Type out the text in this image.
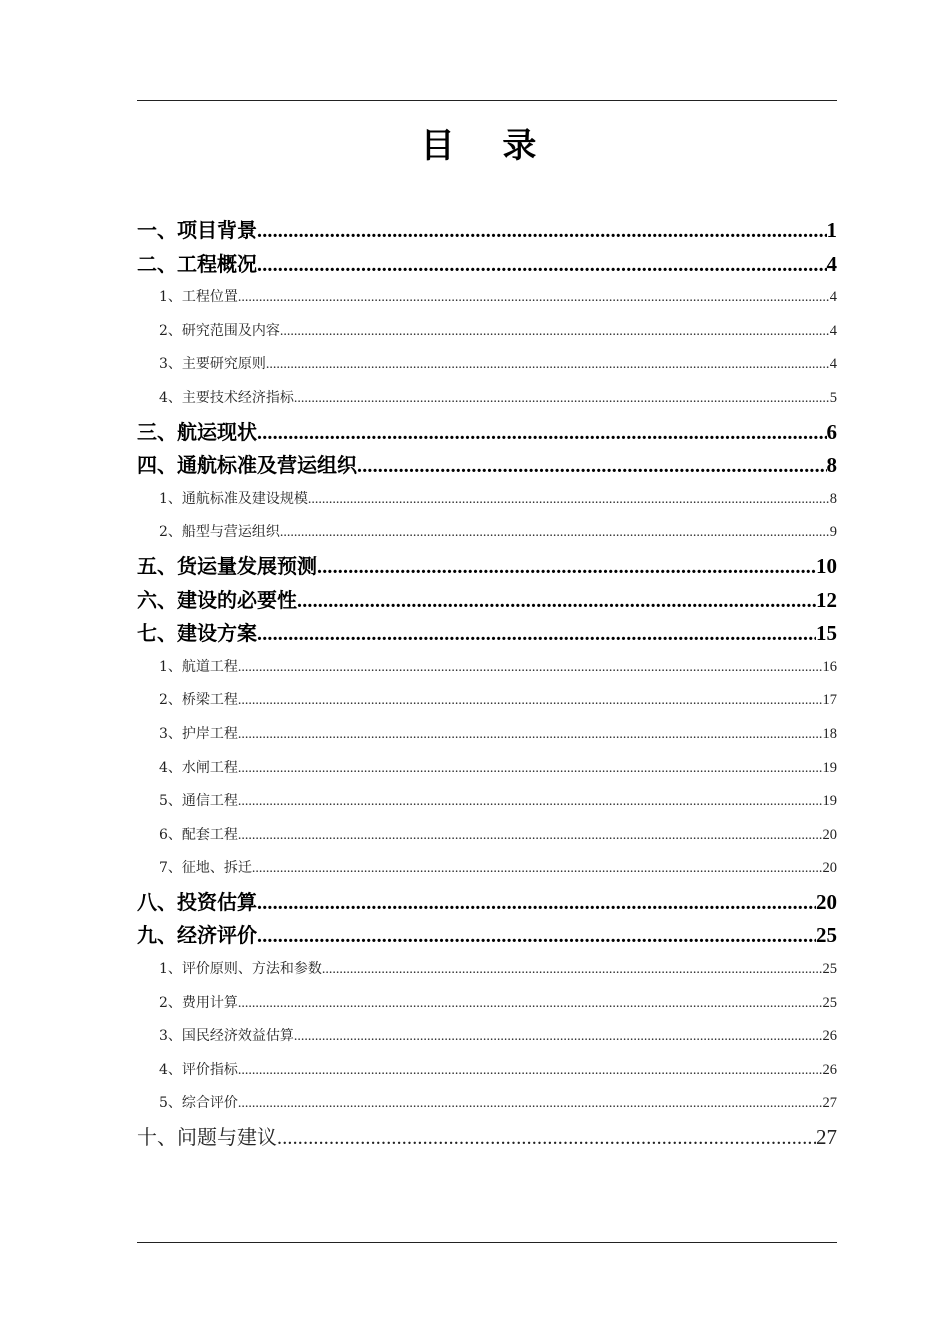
目 录
一、项目背景 .....	1
二、工程概况 .....	4
1、工程位置 .....	4
2、研究范围及内容 .....	4
3、主要研究原则 .....	4
4、主要技术经济指标 .....	5
三、航运现状 .....	6
四、通航标准及营运组织 .....	8
1、通航标准及建设规模 .....	8
2、船型与营运组织 .....	9
五、货运量发展预测 .....	10
六、建设的必要性 .....	12
七、建设方案 .....	15
1、航道工程 .....	16
2、桥梁工程 .....	17
3、护岸工程 .....	18
4、水闸工程 .....	19
5、通信工程 .....	19
6、配套工程 .....	20
7、征地、拆迁 .....	20
八、投资估算 .....	20
九、经济评价 .....	25
1、评价原则、方法和参数 .....	25
2、费用计算 .....	25
3、国民经济效益估算 .....	26
4、评价指标 .....	26
5、综合评价 .....	27
十、问题与建议 .....	27
